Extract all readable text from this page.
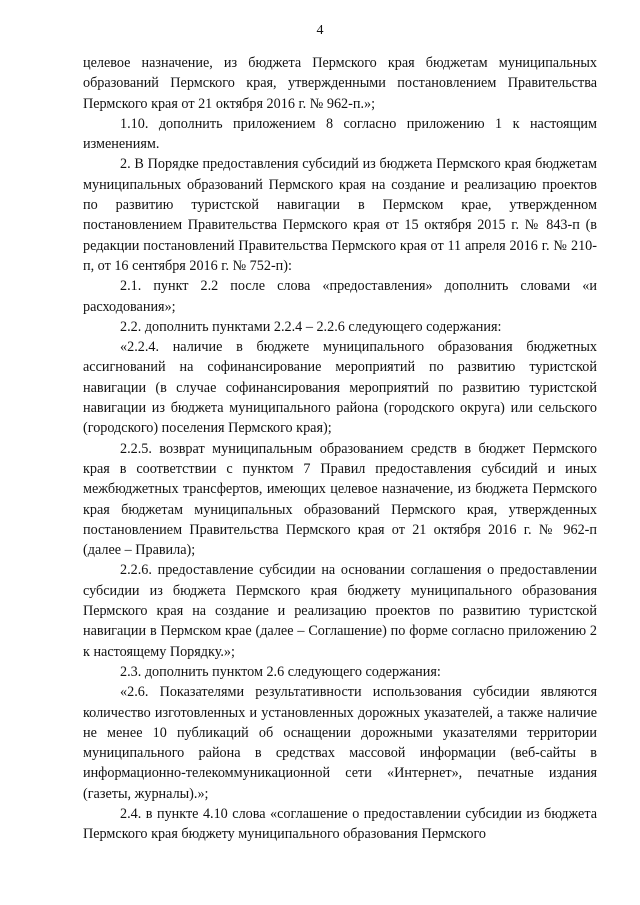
4

целевое назначение, из бюджета Пермского края бюджетам муниципальных образований Пермского края, утвержденными постановлением Правительства Пермского края от 21 октября 2016 г. № 962-п.»;

1.10. дополнить приложением 8 согласно приложению 1 к настоящим изменениям.

2. В Порядке предоставления субсидий из бюджета Пермского края бюджетам муниципальных образований Пермского края на создание и реализацию проектов по развитию туристской навигации в Пермском крае, утвержденном постановлением Правительства Пермского края от 15 октября 2015 г. № 843-п (в редакции постановлений Правительства Пермского края от 11 апреля 2016 г. № 210-п, от 16 сентября 2016 г. № 752-п):

2.1. пункт 2.2 после слова «предоставления» дополнить словами «и расходования»;

2.2. дополнить пунктами 2.2.4 – 2.2.6 следующего содержания:

«2.2.4. наличие в бюджете муниципального образования бюджетных ассигнований на софинансирование мероприятий по развитию туристской навигации (в случае софинансирования мероприятий по развитию туристской навигации из бюджета муниципального района (городского округа) или сельского (городского) поселения Пермского края);

2.2.5. возврат муниципальным образованием средств в бюджет Пермского края в соответствии с пунктом 7 Правил предоставления субсидий и иных межбюджетных трансфертов, имеющих целевое назначение, из бюджета Пермского края бюджетам муниципальных образований Пермского края, утвержденных постановлением Правительства Пермского края от 21 октября 2016 г. № 962-п (далее – Правила);

2.2.6. предоставление субсидии на основании соглашения о предоставлении субсидии из бюджета Пермского края бюджету муниципального образования Пермского края на создание и реализацию проектов по развитию туристской навигации в Пермском крае (далее – Соглашение) по форме согласно приложению 2 к настоящему Порядку.»;

2.3. дополнить пунктом 2.6 следующего содержания:

«2.6. Показателями результативности использования субсидии являются количество изготовленных и установленных дорожных указателей, а также наличие не менее 10 публикаций об оснащении дорожными указателями территории муниципального района в средствах массовой информации (веб-сайты в информационно-телекоммуникационной сети «Интернет», печатные издания (газеты, журналы).»;

2.4. в пункте 4.10 слова «соглашение о предоставлении субсидии из бюджета Пермского края бюджету муниципального образования Пермского
